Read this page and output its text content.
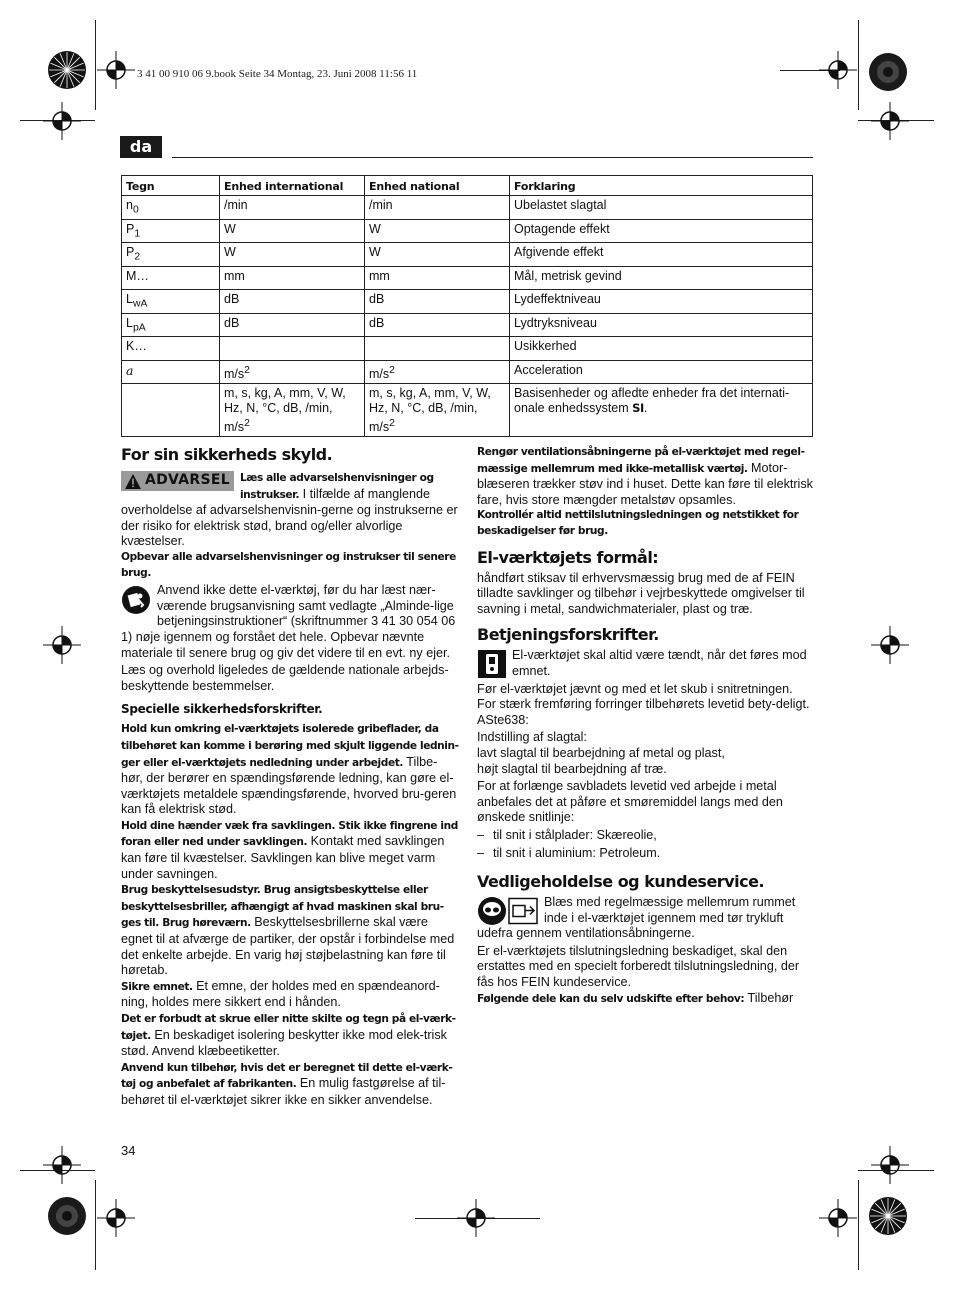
3 41 00 910 06 9.book Seite 34 Montag, 23. Juni 2008 11:56 11
da
Tegn	Enhed international	Enhed national	Forklaring
$n_0$	/min	/min	Ubelastet slagtal
$P_1$	W	W	Optagende effekt
$P_2$	W	W	Afgivende effekt
M…	mm	mm	Mål, metrisk gevind
$L_{wA}$	dB	dB	Lydeffektniveau
$L_{pA}$	dB	dB	Lydtryksniveau
K…			Usikkerhed
a	$m/s^2$	$m/s^2$	Acceleration
	m, s, kg, A, mm, V, W, Hz, N, °C, dB, /min, $m/s^2$	m, s, kg, A, mm, V, W, Hz, N, °C, dB, /min, $m/s^2$	Basisenheder og afledte enheder fra det internati-onale enhedssystem SI.
For sin sikkerheds skyld.
ADVARSEL Læs alle advarselshenvisninger og instrukser. I tilfælde af manglende overholdelse af advarselshenvisnin-gerne og instrukserne er der risiko for elektrisk stød, brand og/eller alvorlige kvæstelser.

Opbevar alle advarselshenvisninger og instrukser til senere brug.

Anvend ikke dette el-værktøj, før du har læst nær-værende brugsanvisning samt vedlagte „Alminde-lige betjeningsinstruktioner“ (skriftnummer 3 41 30 054 06 1) nøje igennem og forstået det hele. Opbevar nævnte materiale til senere brug og giv det videre til en evt. ny ejer.

Læs og overhold ligeledes de gældende nationale arbejds-beskyttende bestemmelser.

Specielle sikkerhedsforskrifter.

Hold kun omkring el-værktøjets isolerede gribeflader, da tilbehøret kan komme i berøring med skjult liggende lednin-ger eller el-værktøjets nedledning under arbejdet. Tilbe-hør, der berører en spændingsførende ledning, kan gøre el-værktøjets metaldele spændingsførende, hvorved bru-geren kan få elektrisk stød.

Hold dine hænder væk fra savklingen. Stik ikke fingrene ind foran eller ned under savklingen. Kontakt med savklingen kan føre til kvæstelser. Savklingen kan blive meget varm under savningen.

Brug beskyttelsesudstyr. Brug ansigtsbeskyttelse eller beskyttelsesbriller, afhængigt af hvad maskinen skal bru-ges til. Brug høreværn. Beskyttelsesbrillerne skal være egnet til at afværge de partiker, der opstår i forbindelse med det enkelte arbejde. En varig høj støjbelastning kan føre til høretab.

Sikre emnet. Et emne, der holdes med en spændeanord-ning, holdes mere sikkert end i hånden.

Det er forbudt at skrue eller nitte skilte og tegn på el-værk-tøjet. En beskadiget isolering beskytter ikke mod elek-trisk stød. Anvend klæbeetiketter.

Anvend kun tilbehør, hvis det er beregnet til dette el-værk-tøj og anbefalet af fabrikanten. En mulig fastgørelse af til-behøret til el-værktøjet sikrer ikke en sikker anvendelse.

Rengør ventilationsåbningerne på el-værktøjet med regel-mæssige mellemrum med ikke-metallisk værtøj. Motor-blæseren trækker støv ind i huset. Dette kan føre til elektrisk fare, hvis store mængder metalstøv opsamles.

Kontrollér altid nettilslutningsledningen og netstikket for beskadigelser før brug.

El-værktøjets formål:

håndført stiksav til erhvervsmæssig brug med de af FEIN tilladte savklinger og tilbehør i vejrbeskyttede omgivelser til savning i metal, sandwichmaterialer, plast og træ.

Betjeningsforskrifter.

El-værktøjet skal altid være tændt, når det føres mod emnet.

Før el-værktøjet jævnt og med et let skub i snitretningen. For stærk fremføring forringer tilbehørets levetid bety-deligt.

ASte638:

Indstilling af slagtal:

lavt slagtal til bearbejdning af metal og plast,

højt slagtal til bearbejdning af træ.

For at forlænge savbladets levetid ved arbejde i metal anbefales det at påføre et smøremiddel langs med den ønskede snitlinje:

– til snit i stålplader: Skæreolie,

– til snit i aluminium: Petroleum.

Vedligeholdelse og kundeservice.

Blæs med regelmæssige mellemrum rummet inde i el-værktøjet igennem med tør trykluft udefra gennem ventilationsåbningerne.

Er el-værktøjets tilslutningsledning beskadiget, skal den erstattes med en specielt forberedt tilslutningsledning, der fås hos FEIN kundeservice.

Følgende dele kan du selv udskifte efter behov: Tilbehør

34
